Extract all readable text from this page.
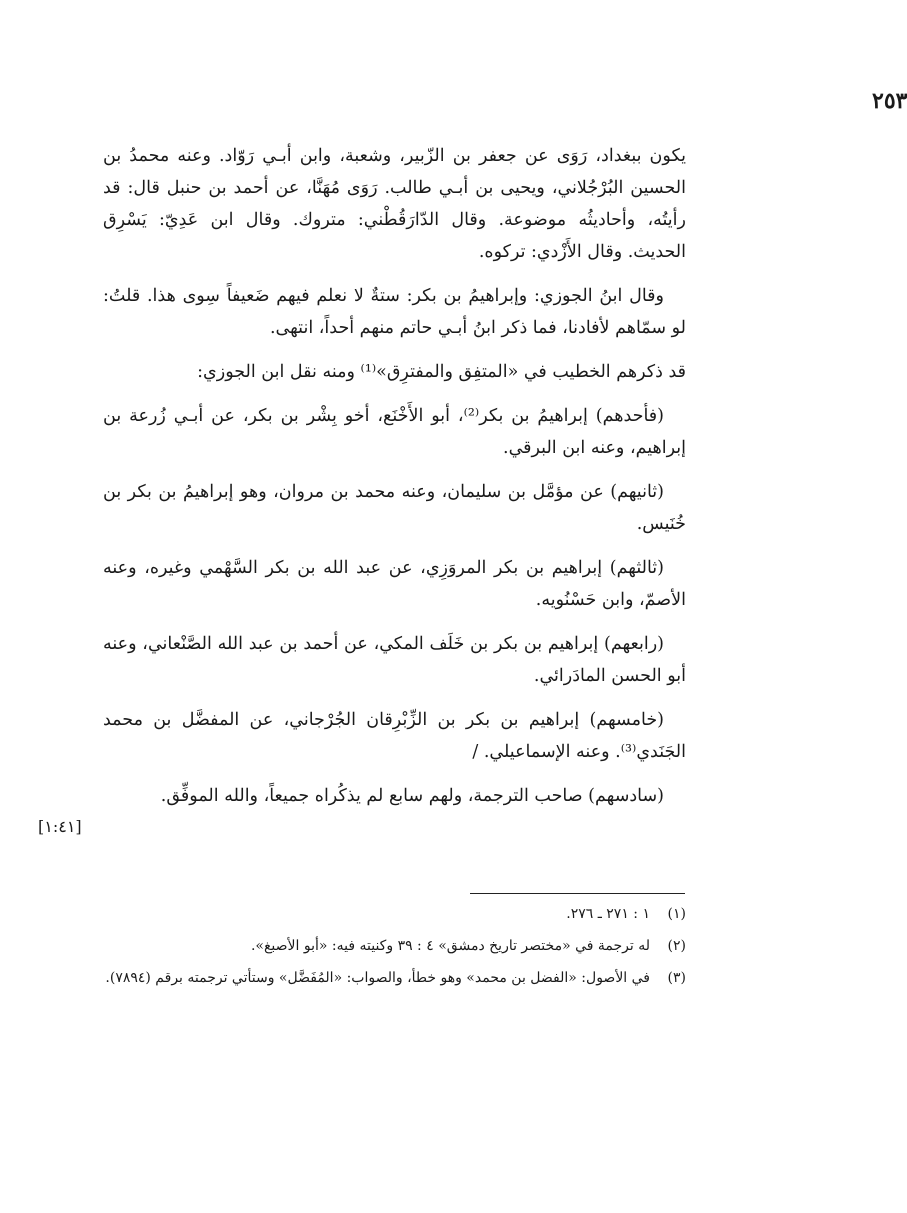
٢٥٣

يكون ببغداد، رَوَى عن جعفر بن الزّبير، وشعبة، وابن أبـي رَوّاد. وعنه محمدُ بن الحسين البُرْجُلاني، ويحيى بن أبـي طالب. رَوَى مُهَنَّا، عن أحمد بن حنبل قال: قد رأيتُه، وأحاديثُه موضوعة. وقال الدّارَقُطْني: متروك. وقال ابن عَدِيّ: يَسْرِق الحديث. وقال الأَزْدي: تركوه.

وقال ابنُ الجوزي: وإبراهيمُ بن بكر: ستةٌ لا نعلم فيهم ضَعيفاً سِوى هذا. قلتُ: لو سمّاهم لأفادنا، فما ذكر ابنُ أبـي حاتم منهم أحداً، انتهى.

قد ذكرهم الخطيب في «المتفِق والمفترِق»⁽¹⁾ ومنه نقل ابن الجوزي:

(فأحدهم) إبراهيمُ بن بكر⁽²⁾، أبو الأَخْنَع، أخو بِشْر بن بكر، عن أبـي زُرعة بن إبراهيم، وعنه ابن البرقي.

(ثانيهم) عن مؤمَّل بن سليمان، وعنه محمد بن مروان، وهو إبراهيمُ بن بكر بن خُنَيس.

(ثالثهم) إبراهيم بن بكر المروَزِي، عن عبد الله بن بكر السَّهْمي وغيره، وعنه الأصمّ، وابن حَسْنُويه.

(رابعهم) إبراهيم بن بكر بن خَلَف المكي، عن أحمد بن عبد الله الصَّنْعاني، وعنه أبو الحسن المادَرائي.

(خامسهم) إبراهيم بن بكر بن الزِّبْرِقان الجُرْجاني، عن المفضَّل بن محمد الجَنَدي⁽³⁾. وعنه الإسماعيلي. /

(سادسهم) صاحب الترجمة، ولهم سابع لم يذكُراه جميعاً، والله الموفِّق.

[١:٤١]
(١)
١ : ٢٧١ ـ ٢٧٦.
(٢)
له ترجمة في «مختصر تاريخ دمشق» ٤ : ٣٩ وكنيته فيه: «أبو الأصبغ».
(٣)
في الأصول: «الفضل بن محمد» وهو خطأ، والصواب: «المُفَضَّل» وستأتي ترجمته برقم (٧٨٩٤).
